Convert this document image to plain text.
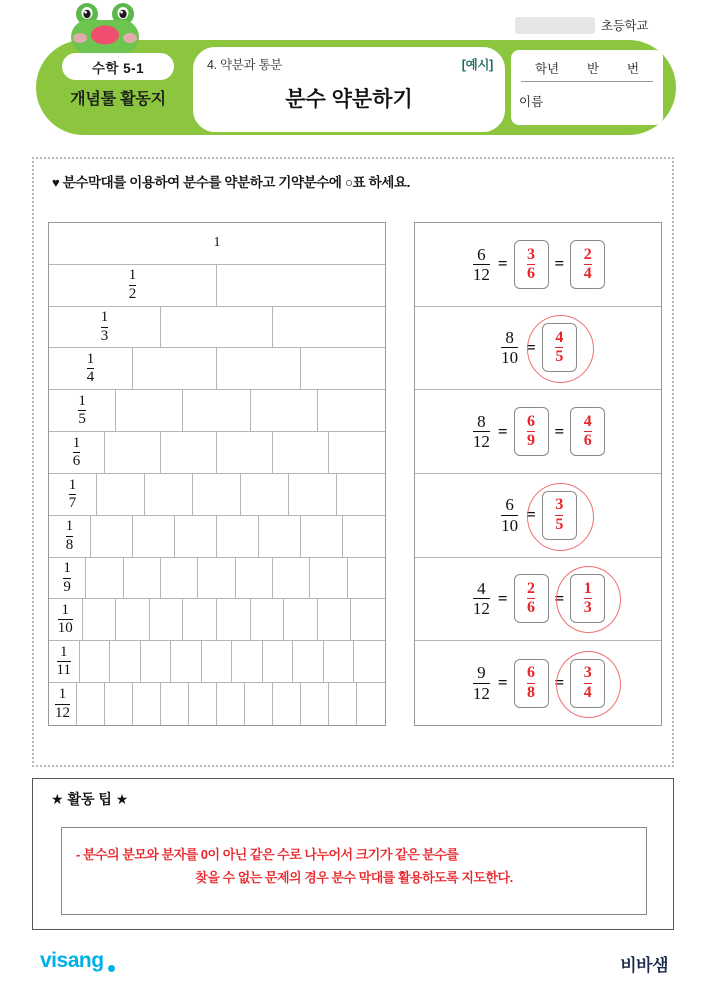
초등학교
수학 5-1
개념툴 활동지
4. 약분과 통분	[예시]
분수 약분하기
학년 반 번
이름
♥ 분수막대를 이용하여 분수를 약분하고 기약분수에 ○표 하세요.
1
$\frac{1}{2}$
$\frac{1}{3}$
$\frac{1}{4}$
$\frac{1}{5}$
$\frac{1}{6}$
$\frac{1}{7}$
$\frac{1}{8}$
$\frac{1}{9}$
$\frac{1}{10}$
$\frac{1}{11}$
$\frac{1}{12}$
$\frac{6}{12} = \frac{3}{6} = \frac{2}{4}$
$\frac{8}{10} = \frac{4}{5}$
$\frac{8}{12} = \frac{6}{9} = \frac{4}{6}$
$\frac{6}{10} = \frac{3}{5}$
$\frac{4}{12} = \frac{2}{6} = \frac{1}{3}$
$\frac{9}{12} = \frac{6}{8} = \frac{3}{4}$
★ 활동 팁 ★
- 분수의 분모와 분자를 0이 아닌 같은 수로 나누어서 크기가 같은 분수를
찾을 수 없는 문제의 경우 분수 막대를 활용하도록 지도한다.
visang	비바샘
